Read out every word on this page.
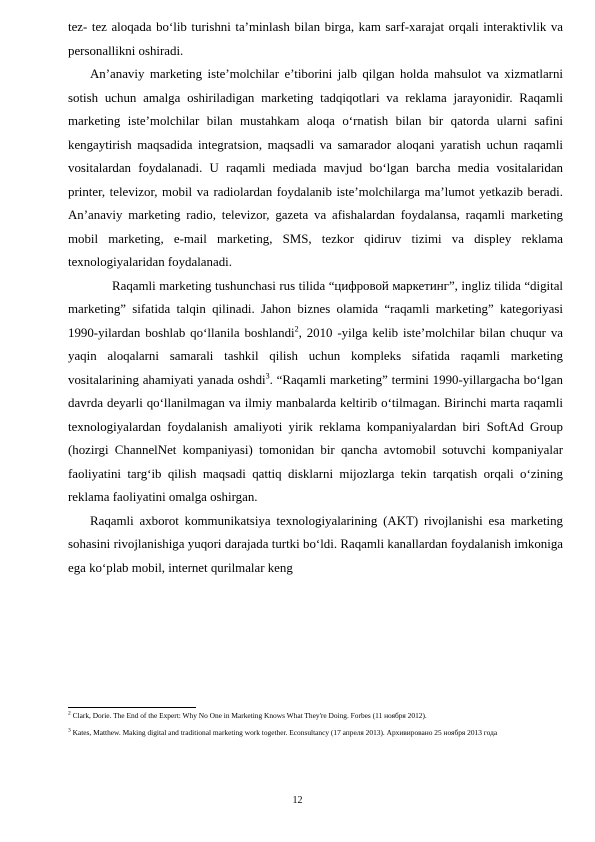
tez- tez aloqada bo‘lib turishni ta’minlash bilan birga, kam sarf-xarajat orqali interaktivlik va personallikni oshiradi.

An’anaviy marketing iste’molchilar e’tiborini jalb qilgan holda mahsulot va xizmatlarni sotish uchun amalga oshiriladigan marketing tadqiqotlari va reklama jarayonidir. Raqamli marketing iste’molchilar bilan mustahkam aloqa o‘rnatish bilan bir qatorda ularni safini kengaytirish maqsadida integratsion, maqsadli va samarador aloqani yaratish uchun raqamli vositalardan foydalanadi. U raqamli mediada mavjud bo‘lgan barcha media vositalaridan printer, televizor, mobil va radiolardan foydalanib iste’molchilarga ma’lumot yetkazib beradi. An’anaviy marketing radio, televizor, gazeta va afishalardan foydalansa, raqamli marketing mobil marketing, e-mail marketing, SMS, tezkor qidiruv tizimi va displey reklama texnologiyalaridan foydalanadi.

Raqamli marketing tushunchasi rus tilida “цифровой маркетинг”, ingliz tilida “digital marketing” sifatida talqin qilinadi. Jahon biznes olamida “raqamli marketing” kategoriyasi 1990-yilardan boshlab qo‘llanila boshlandi$^2$, 2010 -yilga kelib iste’molchilar bilan chuqur va yaqin aloqalarni samarali tashkil qilish uchun kompleks sifatida raqamli marketing vositalarining ahamiyati yanada oshdi$^3$. “Raqamli marketing” termini 1990-yillargacha bo‘lgan davrda deyarli qo‘llanilmagan va ilmiy manbalarda keltirib o‘tilmagan. Birinchi marta raqamli texnologiyalardan foydalanish amaliyoti yirik reklama kompaniyalardan biri SoftAd Group (hozirgi ChannelNet kompaniyasi) tomonidan bir qancha avtomobil sotuvchi kompaniyalar faoliyatini targ‘ib qilish maqsadi qattiq disklarni mijozlarga tekin tarqatish orqali o‘zining reklama faoliyatini omalga oshirgan.

Raqamli axborot kommunikatsiya texnologiyalarining (AKT) rivojlanishi esa marketing sohasini rivojlanishiga yuqori darajada turtki bo‘ldi. Raqamli kanallardan foydalanish imkoniga ega ko‘plab mobil, internet qurilmalar keng

$^2$ Clark, Dorie. The End of the Expert: Why No One in Marketing Knows What They're Doing. Forbes (11 ноября 2012).

$^3$ Kates, Matthew. Making digital and traditional marketing work together. Econsultancy (17 апреля 2013). Архивировано 25 ноября 2013 года

12
